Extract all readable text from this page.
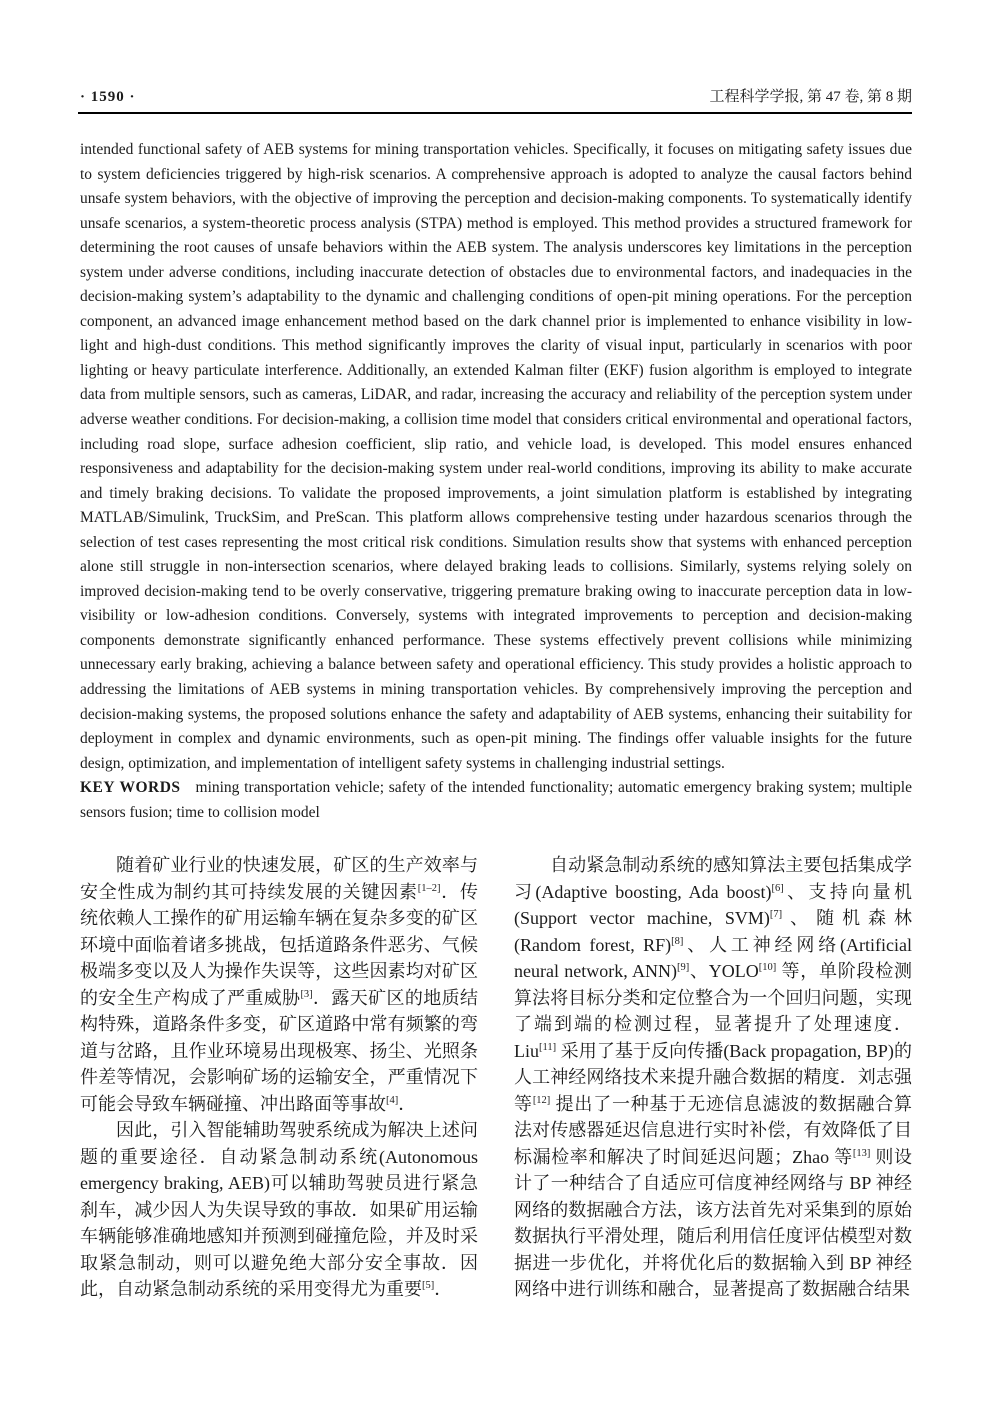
· 1590 ·	工程科学学报, 第 47 卷, 第 8 期

intended functional safety of AEB systems for mining transportation vehicles. Specifically, it focuses on mitigating safety issues due to system deficiencies triggered by high-risk scenarios. A comprehensive approach is adopted to analyze the causal factors behind unsafe system behaviors, with the objective of improving the perception and decision-making components. To systematically identify unsafe scenarios, a system-theoretic process analysis (STPA) method is employed. This method provides a structured framework for determining the root causes of unsafe behaviors within the AEB system. The analysis underscores key limitations in the perception system under adverse conditions, including inaccurate detection of obstacles due to environmental factors, and inadequacies in the decision-making system’s adaptability to the dynamic and challenging conditions of open-pit mining operations. For the perception component, an advanced image enhancement method based on the dark channel prior is implemented to enhance visibility in low-light and high-dust conditions. This method significantly improves the clarity of visual input, particularly in scenarios with poor lighting or heavy particulate interference. Additionally, an extended Kalman filter (EKF) fusion algorithm is employed to integrate data from multiple sensors, such as cameras, LiDAR, and radar, increasing the accuracy and reliability of the perception system under adverse weather conditions. For decision-making, a collision time model that considers critical environmental and operational factors, including road slope, surface adhesion coefficient, slip ratio, and vehicle load, is developed. This model ensures enhanced responsiveness and adaptability for the decision-making system under real-world conditions, improving its ability to make accurate and timely braking decisions. To validate the proposed improvements, a joint simulation platform is established by integrating MATLAB/Simulink, TruckSim, and PreScan. This platform allows comprehensive testing under hazardous scenarios through the selection of test cases representing the most critical risk conditions. Simulation results show that systems with enhanced perception alone still struggle in non-intersection scenarios, where delayed braking leads to collisions. Similarly, systems relying solely on improved decision-making tend to be overly conservative, triggering premature braking owing to inaccurate perception data in low-visibility or low-adhesion conditions. Conversely, systems with integrated improvements to perception and decision-making components demonstrate significantly enhanced performance. These systems effectively prevent collisions while minimizing unnecessary early braking, achieving a balance between safety and operational efficiency. This study provides a holistic approach to addressing the limitations of AEB systems in mining transportation vehicles. By comprehensively improving the perception and decision-making systems, the proposed solutions enhance the safety and adaptability of AEB systems, enhancing their suitability for deployment in complex and dynamic environments, such as open-pit mining. The findings offer valuable insights for the future design, optimization, and implementation of intelligent safety systems in challenging industrial settings.

KEY WORDS mining transportation vehicle; safety of the intended functionality; automatic emergency braking system; multiple sensors fusion; time to collision model

随着矿业行业的快速发展，矿区的生产效率与安全性成为制约其可持续发展的关键因素[1–2]．传统依赖人工操作的矿用运输车辆在复杂多变的矿区环境中面临着诸多挑战，包括道路条件恶劣、气候极端多变以及人为操作失误等，这些因素均对矿区的安全生产构成了严重威胁[3]．露天矿区的地质结构特殊，道路条件多变，矿区道路中常有频繁的弯道与岔路，且作业环境易出现极寒、扬尘、光照条件差等情况，会影响矿场的运输安全，严重情况下可能会导致车辆碰撞、冲出路面等事故[4]．

因此，引入智能辅助驾驶系统成为解决上述问题的重要途径．自动紧急制动系统(Autonomous emergency braking, AEB)可以辅助驾驶员进行紧急刹车，减少因人为失误导致的事故．如果矿用运输车辆能够准确地感知并预测到碰撞危险，并及时采取紧急制动，则可以避免绝大部分安全事故．因此，自动紧急制动系统的采用变得尤为重要[5]．

自动紧急制动系统的感知算法主要包括集成学习(Adaptive boosting, Ada boost)[6]、支持向量机(Support vector machine, SVM)[7]、随机森林(Random forest, RF)[8]、人工神经网络(Artificial neural network, ANN)[9]、YOLO[10] 等，单阶段检测算法将目标分类和定位整合为一个回归问题，实现了端到端的检测过程，显著提升了处理速度．Liu[11] 采用了基于反向传播(Back propagation, BP)的人工神经网络技术来提升融合数据的精度．刘志强等[12] 提出了一种基于无迹信息滤波的数据融合算法对传感器延迟信息进行实时补偿，有效降低了目标漏检率和解决了时间延迟问题；Zhao 等[13] 则设计了一种结合了自适应可信度神经网络与 BP 神经网络的数据融合方法，该方法首先对采集到的原始数据执行平滑处理，随后利用信任度评估模型对数据进一步优化，并将优化后的数据输入到 BP 神经网络中进行训练和融合，显著提高了数据融合结果
